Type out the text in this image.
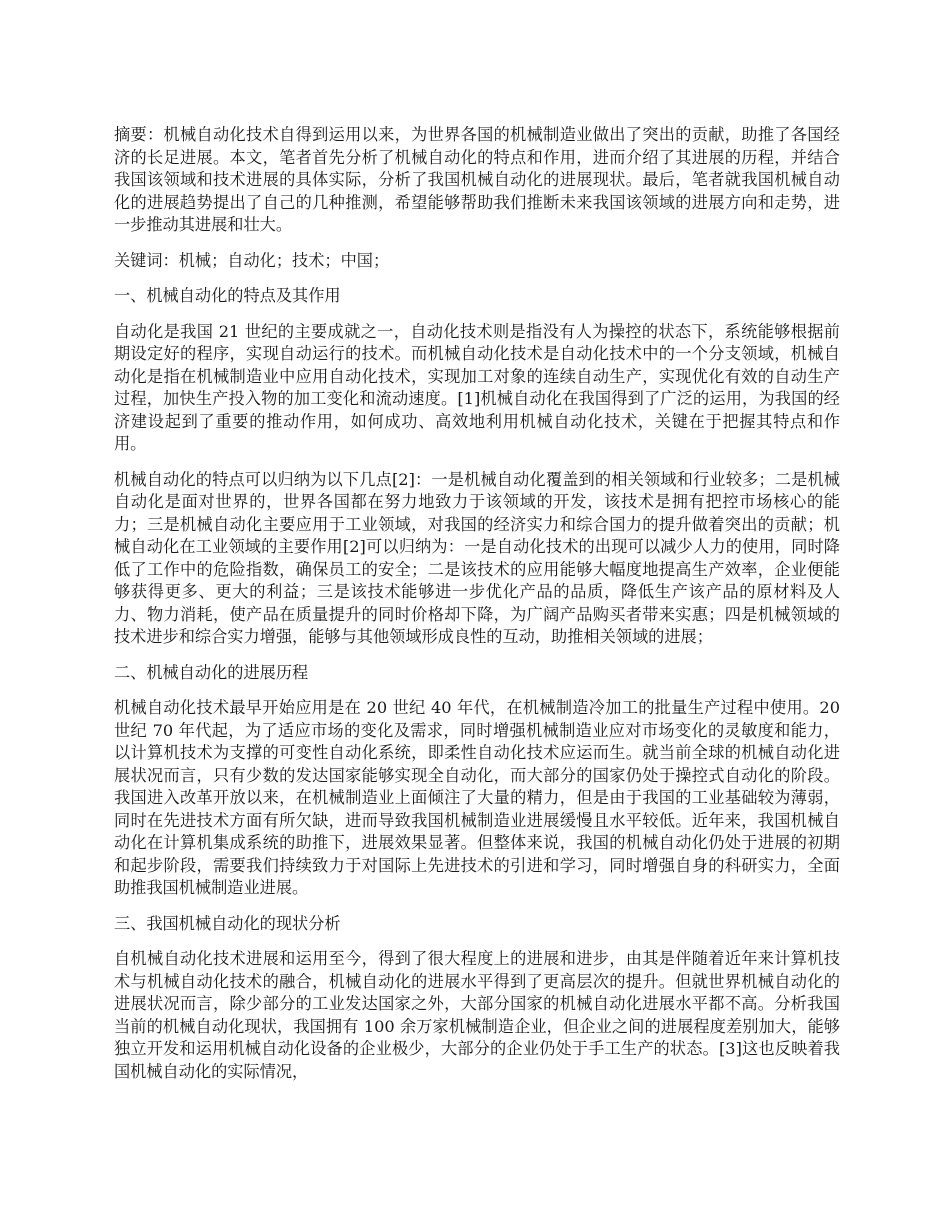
摘要：机械自动化技术自得到运用以来，为世界各国的机械制造业做出了突出的贡献，助推了各国经济的长足进展。本文，笔者首先分析了机械自动化的特点和作用，进而介绍了其进展的历程，并结合我国该领域和技术进展的具体实际，分析了我国机械自动化的进展现状。最后，笔者就我国机械自动化的进展趋势提出了自己的几种推测，希望能够帮助我们推断未来我国该领域的进展方向和走势，进一步推动其进展和壮大。

关键词：机械；自动化；技术；中国；

一、机械自动化的特点及其作用

自动化是我国 21 世纪的主要成就之一，自动化技术则是指没有人为操控的状态下，系统能够根据前期设定好的程序，实现自动运行的技术。而机械自动化技术是自动化技术中的一个分支领域，机械自动化是指在机械制造业中应用自动化技术，实现加工对象的连续自动生产，实现优化有效的自动生产过程，加快生产投入物的加工变化和流动速度。[1]机械自动化在我国得到了广泛的运用，为我国的经济建设起到了重要的推动作用，如何成功、高效地利用机械自动化技术，关键在于把握其特点和作用。

机械自动化的特点可以归纳为以下几点[2]：一是机械自动化覆盖到的相关领域和行业较多；二是机械自动化是面对世界的，世界各国都在努力地致力于该领域的开发，该技术是拥有把控市场核心的能力；三是机械自动化主要应用于工业领域，对我国的经济实力和综合国力的提升做着突出的贡献；机械自动化在工业领域的主要作用[2]可以归纳为：一是自动化技术的出现可以减少人力的使用，同时降低了工作中的危险指数，确保员工的安全；二是该技术的应用能够大幅度地提高生产效率，企业便能够获得更多、更大的利益；三是该技术能够进一步优化产品的品质，降低生产该产品的原材料及人力、物力消耗，使产品在质量提升的同时价格却下降，为广阔产品购买者带来实惠；四是机械领域的技术进步和综合实力增强，能够与其他领域形成良性的互动，助推相关领域的进展；

二、机械自动化的进展历程

机械自动化技术最早开始应用是在 20 世纪 40 年代，在机械制造冷加工的批量生产过程中使用。20 世纪 70 年代起，为了适应市场的变化及需求，同时增强机械制造业应对市场变化的灵敏度和能力，以计算机技术为支撑的可变性自动化系统，即柔性自动化技术应运而生。就当前全球的机械自动化进展状况而言，只有少数的发达国家能够实现全自动化，而大部分的国家仍处于操控式自动化的阶段。我国进入改革开放以来，在机械制造业上面倾注了大量的精力，但是由于我国的工业基础较为薄弱，同时在先进技术方面有所欠缺，进而导致我国机械制造业进展缓慢且水平较低。近年来，我国机械自动化在计算机集成系统的助推下，进展效果显著。但整体来说，我国的机械自动化仍处于进展的初期和起步阶段，需要我们持续致力于对国际上先进技术的引进和学习，同时增强自身的科研实力，全面助推我国机械制造业进展。

三、我国机械自动化的现状分析

自机械自动化技术进展和运用至今，得到了很大程度上的进展和进步，由其是伴随着近年来计算机技术与机械自动化技术的融合，机械自动化的进展水平得到了更高层次的提升。但就世界机械自动化的进展状况而言，除少部分的工业发达国家之外，大部分国家的机械自动化进展水平都不高。分析我国当前的机械自动化现状，我国拥有 100 余万家机械制造企业，但企业之间的进展程度差别加大，能够独立开发和运用机械自动化设备的企业极少，大部分的企业仍处于手工生产的状态。[3]这也反映着我国机械自动化的实际情况，
